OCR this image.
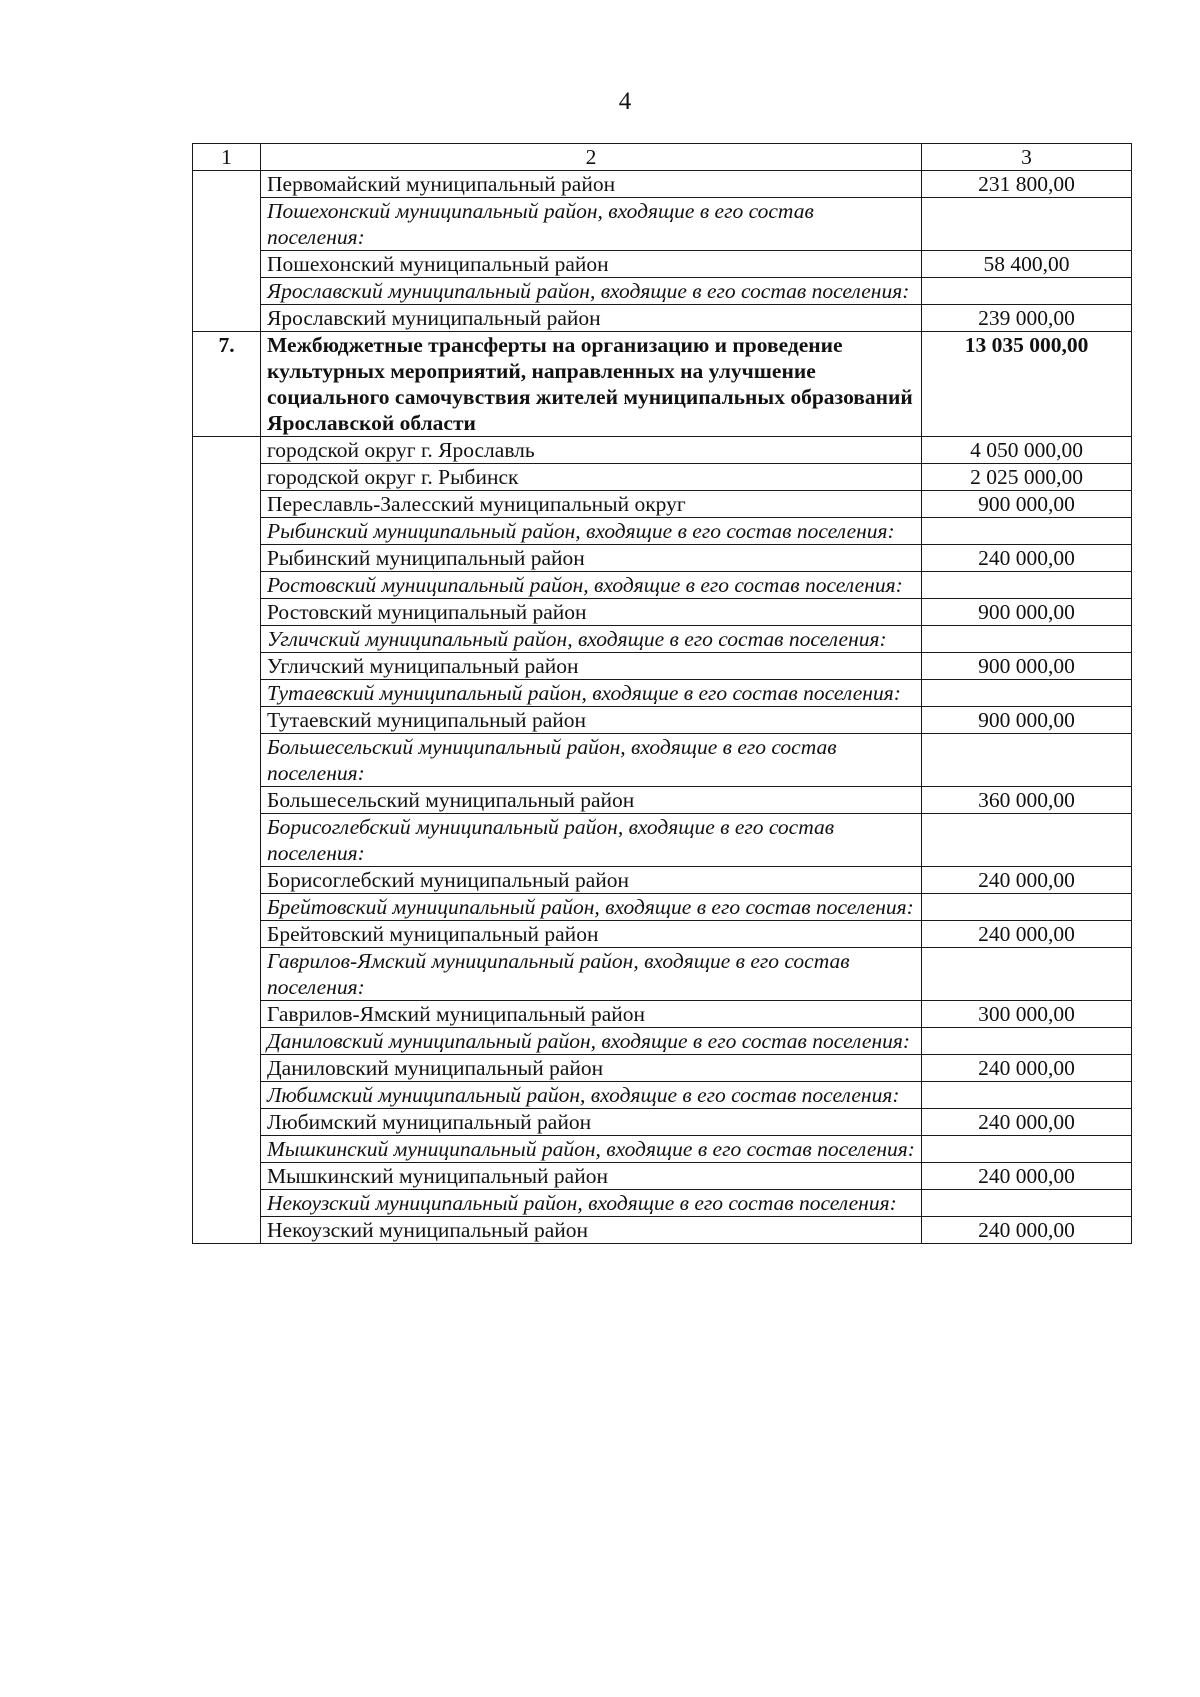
4
1	2	3
	Первомайский муниципальный район	231 800,00
	Пошехонский муниципальный район, входящие в его состав поселения:	
	Пошехонский муниципальный район	58 400,00
	Ярославский муниципальный район, входящие в его состав поселения:	
	Ярославский муниципальный район	239 000,00
7.	Межбюджетные трансферты на организацию и проведение культурных мероприятий, направленных на улучшение социального самочувствия жителей муниципальных образований Ярославской области	13 035 000,00
	городской округ г. Ярославль	4 050 000,00
	городской округ г. Рыбинск	2 025 000,00
	Переславль-Залесский муниципальный округ	900 000,00
	Рыбинский муниципальный район, входящие в его состав поселения:	
	Рыбинский муниципальный район	240 000,00
	Ростовский муниципальный район, входящие в его состав поселения:	
	Ростовский муниципальный район	900 000,00
	Угличский муниципальный район, входящие в его состав поселения:	
	Угличский муниципальный район	900 000,00
	Тутаевский муниципальный район, входящие в его состав поселения:	
	Тутаевский муниципальный район	900 000,00
	Большесельский муниципальный район, входящие в его состав поселения:	
	Большесельский муниципальный район	360 000,00
	Борисоглебский муниципальный район, входящие в его состав поселения:	
	Борисоглебский муниципальный район	240 000,00
	Брейтовский муниципальный район, входящие в его состав поселения:	
	Брейтовский муниципальный район	240 000,00
	Гаврилов-Ямский муниципальный район, входящие в его состав поселения:	
	Гаврилов-Ямский муниципальный район	300 000,00
	Даниловский муниципальный район, входящие в его состав поселения:	
	Даниловский муниципальный район	240 000,00
	Любимский муниципальный район, входящие в его состав поселения:	
	Любимский муниципальный район	240 000,00
	Мышкинский муниципальный район, входящие в его состав поселения:	
	Мышкинский муниципальный район	240 000,00
	Некоузский муниципальный район, входящие в его состав поселения:	
	Некоузский муниципальный район	240 000,00
